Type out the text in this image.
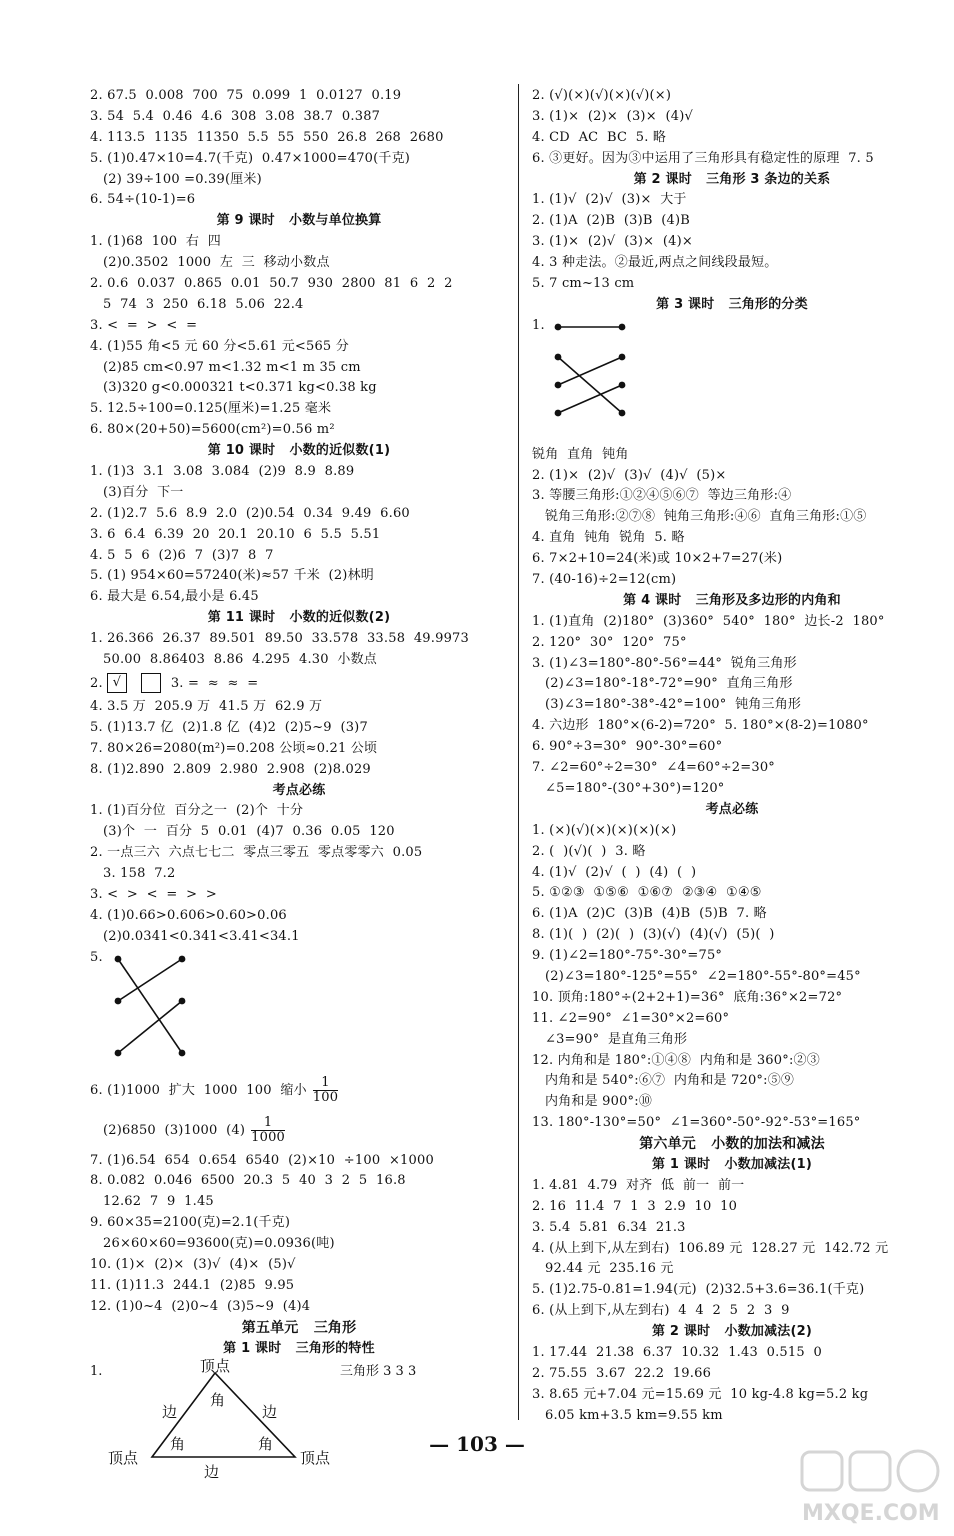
2. 67.5  0.008  700  75  0.099  1  0.0127  0.19
3. 54  5.4  0.46  4.6  308  3.08  38.7  0.387
4. 113.5  1135  11350  5.5  55  550  26.8  268  2680
5. (1)0.47×10=4.7(千克)  0.47×1000=470(千克)
(2) 39÷100 =0.39(厘米)
6. 54÷(10-1)=6
第 9 课时   小数与单位换算
1. (1)68  100  右  四
(2)0.3502  1000  左  三  移动小数点
2. 0.6  0.037  0.865  0.01  50.7  930  2800  81  6  2  2
5  74  3  250  6.18  5.06  22.4
3. <  =  >  <  =
4. (1)55 角<5 元 60 分<5.61 元<565 分
(2)85 cm<0.97 m<1.32 m<1 m 35 cm
(3)320 g<0.000321 t<0.371 kg<0.38 kg
5. 12.5÷100=0.125(厘米)=1.25 毫米
6. 80×(20+50)=5600(cm²)=0.56 m²
第 10 课时   小数的近似数(1)
1. (1)3  3.1  3.08  3.084  (2)9  8.9  8.89
(3)百分  下一
2. (1)2.7  5.6  8.9  2.0  (2)0.54  0.34  9.49  6.60
3. 6  6.4  6.39  20  20.1  20.10  6  5.5  5.51
4. 5  5  6  (2)6  7  (3)7  8  7
5. (1) 954×60=57240(米)≈57 千米  (2)林明
6. 最大是 6.54,最小是 6.45
第 11 课时   小数的近似数(2)
1. 26.366  26.37  89.501  89.50  33.578  33.58  49.9973
50.00  8.86403  8.86  4.295  4.30  小数点
2. √	3. =  ≈  ≈  =
4. 3.5 万  205.9 万  41.5 万  62.9 万
5. (1)13.7 亿  (2)1.8 亿  (4)2  (2)5~9  (3)7
7. 80×26=2080(m²)=0.208 公顷≈0.21 公顷
8. (1)2.890  2.809  2.980  2.908  (2)8.029
考点必练
1. (1)百分位  百分之一  (2)个  十分
(3)个  一  百分  5  0.01  (4)7  0.36  0.05  120
2. 一点三六  六点七七二  零点三零五  零点零零六  0.05
3. 158  7.2
3. <  >  <  =  >  >
4. (1)0.66>0.606>0.60>0.06
(2)0.0341<0.341<3.41<34.1
5.
6. (1)1000  扩大  1000  100  缩小 $\frac{1}{100}$
(2)6850  (3)1000  $(4) \frac{1}{1000}$
7. (1)6.54  654  0.654  6540  (2)×10  ÷100  ×1000
8. 0.082  0.046  6500  20.3  5  40  3  2  5  16.8
12.62  7  9  1.45
9. 60×35=2100(克)=2.1(千克)
26×60×60=93600(克)=0.0936(吨)
10. (1)×  (2)×  (3)√  (4)×  (5)√
11. (1)11.3  244.1  (2)85  9.95
12. (1)0~4  (2)0~4  (3)5~9  (4)4
第五单元   三角形
第 1 课时   三角形的特性
1.	顶点
边	边
边
角
角	角
顶点	顶点
三角形 3 3 3
2. (√)(×)(√)(×)(√)(×)
3. (1)×  (2)×  (3)×  (4)√
4. CD  AC  BC  5. 略
6. ③更好。因为③中运用了三角形具有稳定性的原理  7. 5
第 2 课时   三角形 3 条边的关系
1. (1)√  (2)√  (3)×  大于
2. (1)A  (2)B  (3)B  (4)B
3. (1)×  (2)√  (3)×  (4)×
4. 3 种走法。②最近,两点之间线段最短。
5. 7 cm~13 cm
第 3 课时   三角形的分类
1.
锐角  直角  钝角
2. (1)×  (2)√  (3)√  (4)√  (5)×
3. 等腰三角形:①②④⑤⑥⑦  等边三角形:④
锐角三角形:②⑦⑧  钝角三角形:④⑥  直角三角形:①⑤
4. 直角  钝角  锐角  5. 略
6. 7×2+10=24(米)或 10×2+7=27(米)
7. (40-16)÷2=12(cm)
第 4 课时   三角形及多边形的内角和
1. (1)直角  (2)180°  (3)360°  540°  180°  边长-2  180°
2. 120°  30°  120°  75°
3. (1)∠3=180°-80°-56°=44°  锐角三角形
(2)∠3=180°-18°-72°=90°  直角三角形
(3)∠3=180°-38°-42°=100°  钝角三角形
4. 六边形  180°×(6-2)=720°  5. 180°×(8-2)=1080°
6. 90°÷3=30°  90°-30°=60°
7. ∠2=60°÷2=30°  ∠4=60°÷2=30°
∠5=180°-(30°+30°)=120°
考点必练
1. (×)(√)(×)(×)(×)(×)
2. (  )(√)(  )  3. 略
4. (1)√  (2)√  (  )  (4)  (  )
5. ①②③  ①⑤⑥  ①⑥⑦  ②③④  ①④⑤
6. (1)A  (2)C  (3)B  (4)B  (5)B  7. 略
8. (1)(  )  (2)(  )  (3)(√)  (4)(√)  (5)(  )
9. (1)∠2=180°-75°-30°=75°
(2)∠3=180°-125°=55°  ∠2=180°-55°-80°=45°
10. 顶角:180°÷(2+2+1)=36°  底角:36°×2=72°
11. ∠2=90°  ∠1=30°×2=60°
∠3=90°  是直角三角形
12. 内角和是 180°:①④⑧  内角和是 360°:②③
内角和是 540°:⑥⑦  内角和是 720°:⑤⑨
内角和是 900°:⑩
13. 180°-130°=50°  ∠1=360°-50°-92°-53°=165°
第六单元   小数的加法和减法
第 1 课时   小数加减法(1)
1. 4.81  4.79  对齐  低  前一  前一
2. 16  11.4  7  1  3  2.9  10  10
3. 5.4  5.81  6.34  21.3
4. (从上到下,从左到右)  106.89 元  128.27 元  142.72 元
92.44 元  235.16 元
5. (1)2.75-0.81=1.94(元)  (2)32.5+3.6=36.1(千克)
6. (从上到下,从左到右)  4  4  2  5  2  3  9
第 2 课时   小数加减法(2)
1. 17.44  21.38  6.37  10.32  1.43  0.515  0
2. 75.55  3.67  22.2  19.66
3. 8.65 元+7.04 元=15.69 元  10 kg-4.8 kg=5.2 kg
6.05 km+3.5 km=9.55 km
— 103 —
MXQE.COM
